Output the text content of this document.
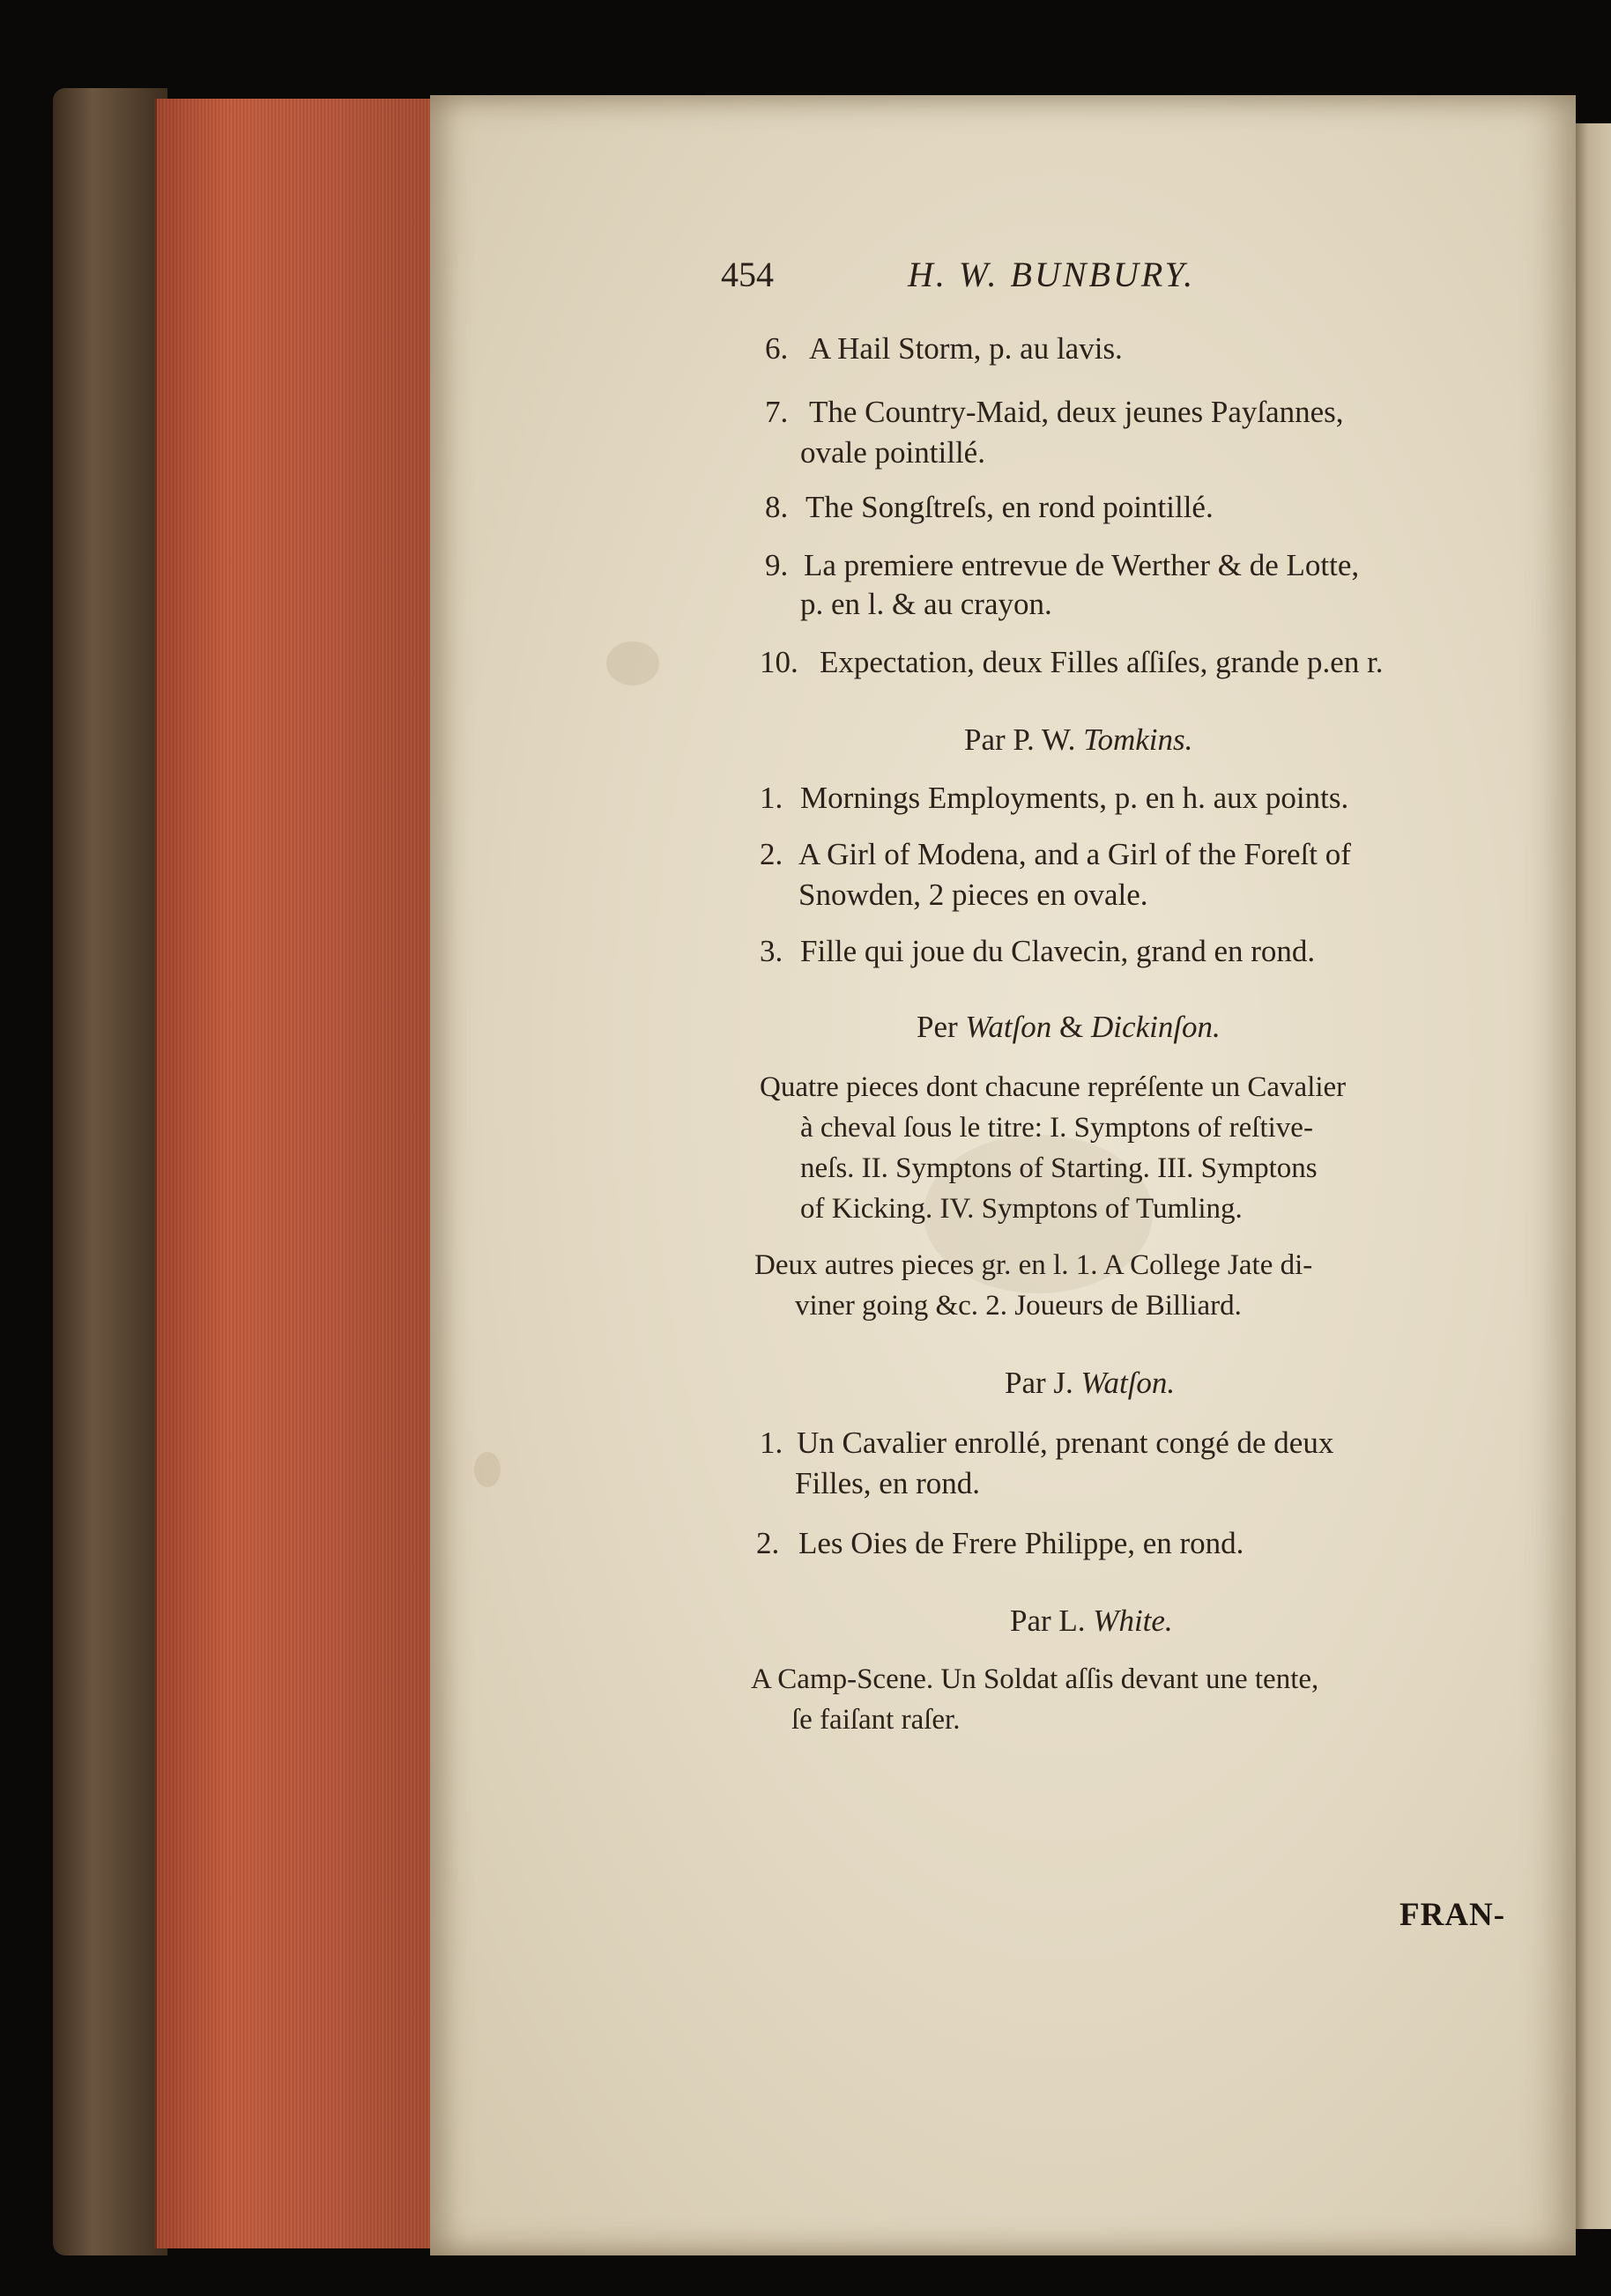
454	H. W. BUNBURY.
6. A Hail Storm, p. au lavis.
7. The Country-Maid, deux jeunes Payſannes,
ovale pointillé.
8. The Songſtreſs, en rond pointillé.
9. La premiere entrevue de Werther & de Lotte,
p. en l. & au crayon.
10. Expectation, deux Filles aſſiſes, grande p.en r.
Par P. W. Tomkins.
1. Mornings Employments, p. en h. aux points.
2. A Girl of Modena, and a Girl of the Foreſt of
Snowden, 2 pieces en ovale.
3. Fille qui joue du Clavecin, grand en rond.
Per Watſon & Dickinſon.
Quatre pieces dont chacune repréſente un Cavalier
à cheval ſous le titre: I. Symptons of reſtive-
neſs. II. Symptons of Starting. III. Symptons
of Kicking. IV. Symptons of Tumling.
Deux autres pieces gr. en l. 1. A College Jate di-
viner going &c. 2. Joueurs de Billiard.
Par J. Watſon.
1. Un Cavalier enrollé, prenant congé de deux
Filles, en rond.
2. Les Oies de Frere Philippe, en rond.
Par L. White.
A Camp-Scene. Un Soldat aſſis devant une tente,
ſe faiſant raſer.
FRAN-
